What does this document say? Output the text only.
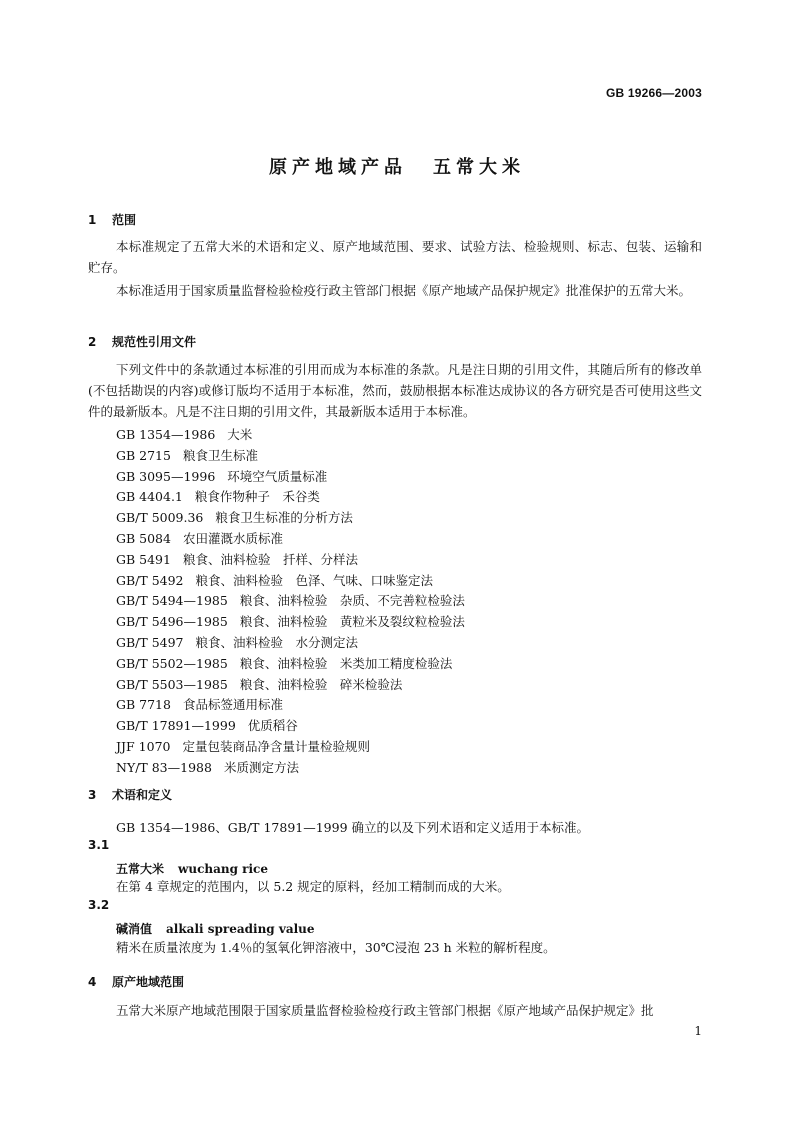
GB 19266—2003
原产地域产品 五常大米
1 范围
本标准规定了五常大米的术语和定义、原产地域范围、要求、试验方法、检验规则、标志、包装、运输和贮存。
本标准适用于国家质量监督检验检疫行政主管部门根据《原产地域产品保护规定》批准保护的五常大米。
2 规范性引用文件
下列文件中的条款通过本标准的引用而成为本标准的条款。凡是注日期的引用文件，其随后所有的修改单(不包括勘误的内容)或修订版均不适用于本标准，然而，鼓励根据本标准达成协议的各方研究是否可使用这些文件的最新版本。凡是不注日期的引用文件，其最新版本适用于本标准。
GB 1354—1986 大米
GB 2715 粮食卫生标准
GB 3095—1996 环境空气质量标准
GB 4404.1 粮食作物种子　禾谷类
GB/T 5009.36 粮食卫生标准的分析方法
GB 5084 农田灌溉水质标准
GB 5491 粮食、油料检验　扦样、分样法
GB/T 5492 粮食、油料检验　色泽、气味、口味鉴定法
GB/T 5494—1985 粮食、油料检验　杂质、不完善粒检验法
GB/T 5496—1985 粮食、油料检验　黄粒米及裂纹粒检验法
GB/T 5497 粮食、油料检验　水分测定法
GB/T 5502—1985 粮食、油料检验　米类加工精度检验法
GB/T 5503—1985 粮食、油料检验　碎米检验法
GB 7718 食品标签通用标准
GB/T 17891—1999 优质稻谷
JJF 1070 定量包装商品净含量计量检验规则
NY/T 83—1988 米质测定方法
3 术语和定义
GB 1354—1986、GB/T 17891—1999 确立的以及下列术语和定义适用于本标准。
3.1
五常大米 wuchang rice
在第 4 章规定的范围内，以 5.2 规定的原料，经加工精制而成的大米。
3.2
碱消值 alkali spreading value
精米在质量浓度为 1.4％的氢氧化钾溶液中，30℃浸泡 23 h 米粒的解析程度。
4 原产地域范围
五常大米原产地域范围限于国家质量监督检验检疫行政主管部门根据《原产地域产品保护规定》批
1
